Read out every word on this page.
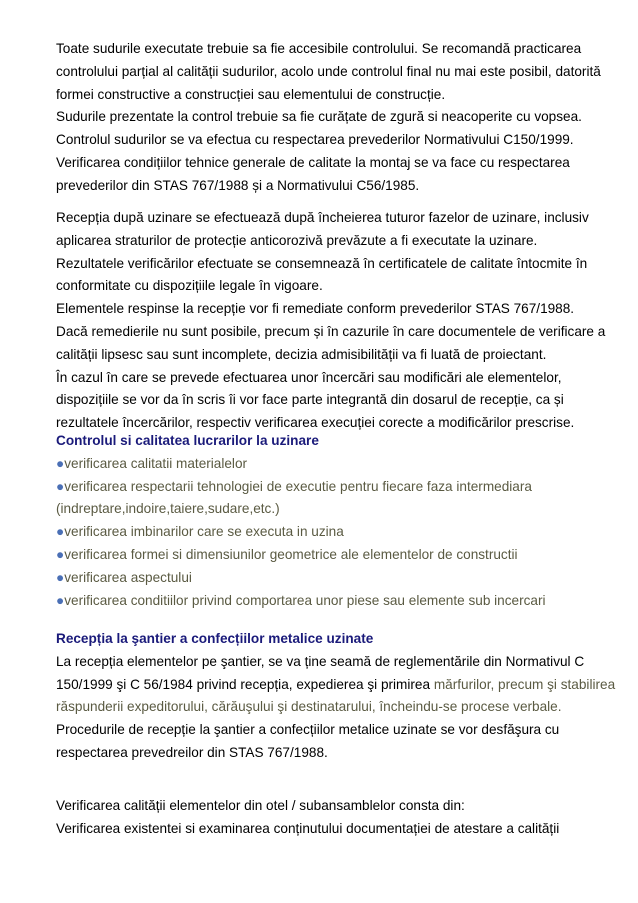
Toate sudurile executate trebuie sa fie accesibile controlului. Se recomandă practicarea
controlului parțial al calității sudurilor, acolo unde controlul final nu mai este posibil, datorită
formei constructive a construcției sau elementului de construcție.
Sudurile prezentate la control trebuie sa fie curățate de zgură si neacoperite cu vopsea.
Controlul sudurilor se va efectua cu respectarea prevederilor Normativului C150/1999.
Verificarea condițiilor tehnice generale de calitate la montaj se va face cu respectarea
prevederilor din STAS 767/1988 și a Normativului C56/1985.
Recepția după uzinare se efectuează după încheierea tuturor fazelor de uzinare, inclusiv
aplicarea straturilor de protecție anticorozivă prevăzute a fi executate la uzinare.
Rezultatele verificărilor efectuate se consemnează în certificatele de calitate întocmite în
conformitate cu dispozițiile legale în vigoare.
Elementele respinse la recepție vor fi remediate conform prevederilor STAS 767/1988.
Dacă remedierile nu sunt posibile, precum și în cazurile în care documentele de verificare a
calității lipsesc sau sunt incomplete, decizia admisibilității va fi luată de proiectant.
În cazul în care se prevede efectuarea unor încercări sau modificări ale elementelor,
dispozițiile se vor da în scris îi vor face parte integrantă din dosarul de recepție, ca și
rezultatele încercărilor, respectiv verificarea execuției corecte a modificărilor prescrise.
Controlul si calitatea lucrarilor la uzinare
●verificarea calitatii materialelor
●verificarea respectarii tehnologiei de executie pentru fiecare faza intermediara
(indreptare,indoire,taiere,sudare,etc.)
●verificarea imbinarilor care se executa in uzina
●verificarea formei si dimensiunilor geometrice ale elementelor de constructii
●verificarea aspectului
●verificarea conditiilor privind comportarea unor piese sau elemente sub incercari
Recepția la şantier a confecțiilor metalice uzinate
La recepția elementelor pe şantier, se va ține seamă de reglementările din Normativul C
150/1999 şi C 56/1984 privind recepția, expedierea şi primirea mărfurilor, precum şi stabilirea
răspunderii expeditorului, cărăuşului şi destinatarului, încheindu-se procese verbale.
Procedurile de recepție la şantier a confecțiilor metalice uzinate se vor desfăşura cu
respectarea prevedreilor din STAS 767/1988.
Verificarea calității elementelor din otel / subansamblelor consta din:
Verificarea existentei si examinarea conținutului documentației de atestare a calității
